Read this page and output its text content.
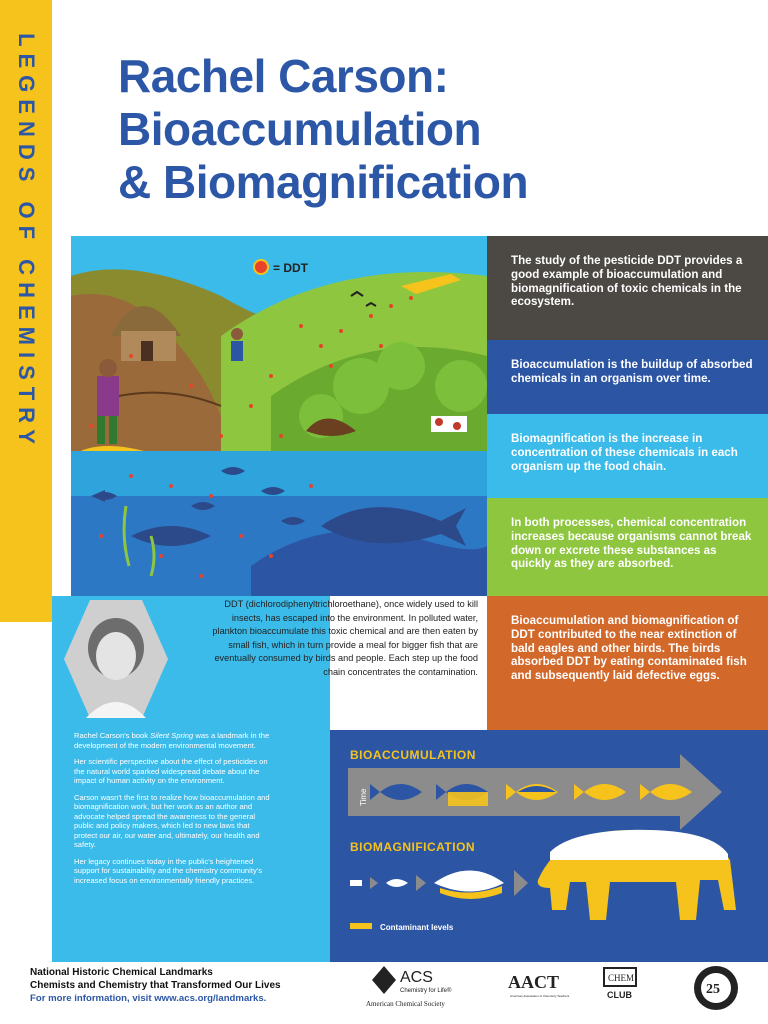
LEGENDS OF CHEMISTRY Rachel Carson:
Bioaccumulation
& Biomagnification
= DDT
The study of the pesticide DDT provides a good example of bioaccumulation and biomagnification of toxic chemicals in the ecosystem.
Bioaccumulation is the buildup of absorbed chemicals in an organism over time.
Biomagnification is the increase in concentration of these chemicals in each organism up the food chain.
In both processes, chemical concentration increases because organisms cannot break down or excrete these substances as quickly as they are absorbed.
Bioaccumulation and biomagnification of DDT contributed to the near extinction of bald eagles and other birds. The birds absorbed DDT by eating contaminated fish and subsequently laid defective eggs.
DDT (dichlorodiphenyltrichloroethane), once widely used to kill insects, has escaped into the environment. In polluted water, plankton bioaccumulate this toxic chemical and are then eaten by small fish, which in turn provide a meal for bigger fish that are eventually consumed by birds and people. Each step up the food chain concentrates the contamination.

Rachel Carson's book Silent Spring was a landmark in the development of the modern environmental movement.

Her scientific perspective about the effect of pesticides on the natural world sparked widespread debate about the impact of human activity on the environment.

Carson wasn't the first to realize how bioaccumulation and biomagnification work, but her work as an author and advocate helped spread the awareness to the general public and policy makers, which led to new laws that protect our air, our water and, ultimately, our health and safety.

Her legacy continues today in the public's heightened support for sustainability and the chemistry community's increased focus on environmentally friendly practices.

BIOACCUMULATION
Time
BIOMAGNIFICATION
Contaminant levels
National Historic Chemical Landmarks
Chemists and Chemistry that Transformed Our Lives
For more information, visit www.acs.org/landmarks.
ACS
Chemistry for Life®
American Chemical Society
AACT
American Association of Chemistry Teachers
CHEM
CLUB	25
